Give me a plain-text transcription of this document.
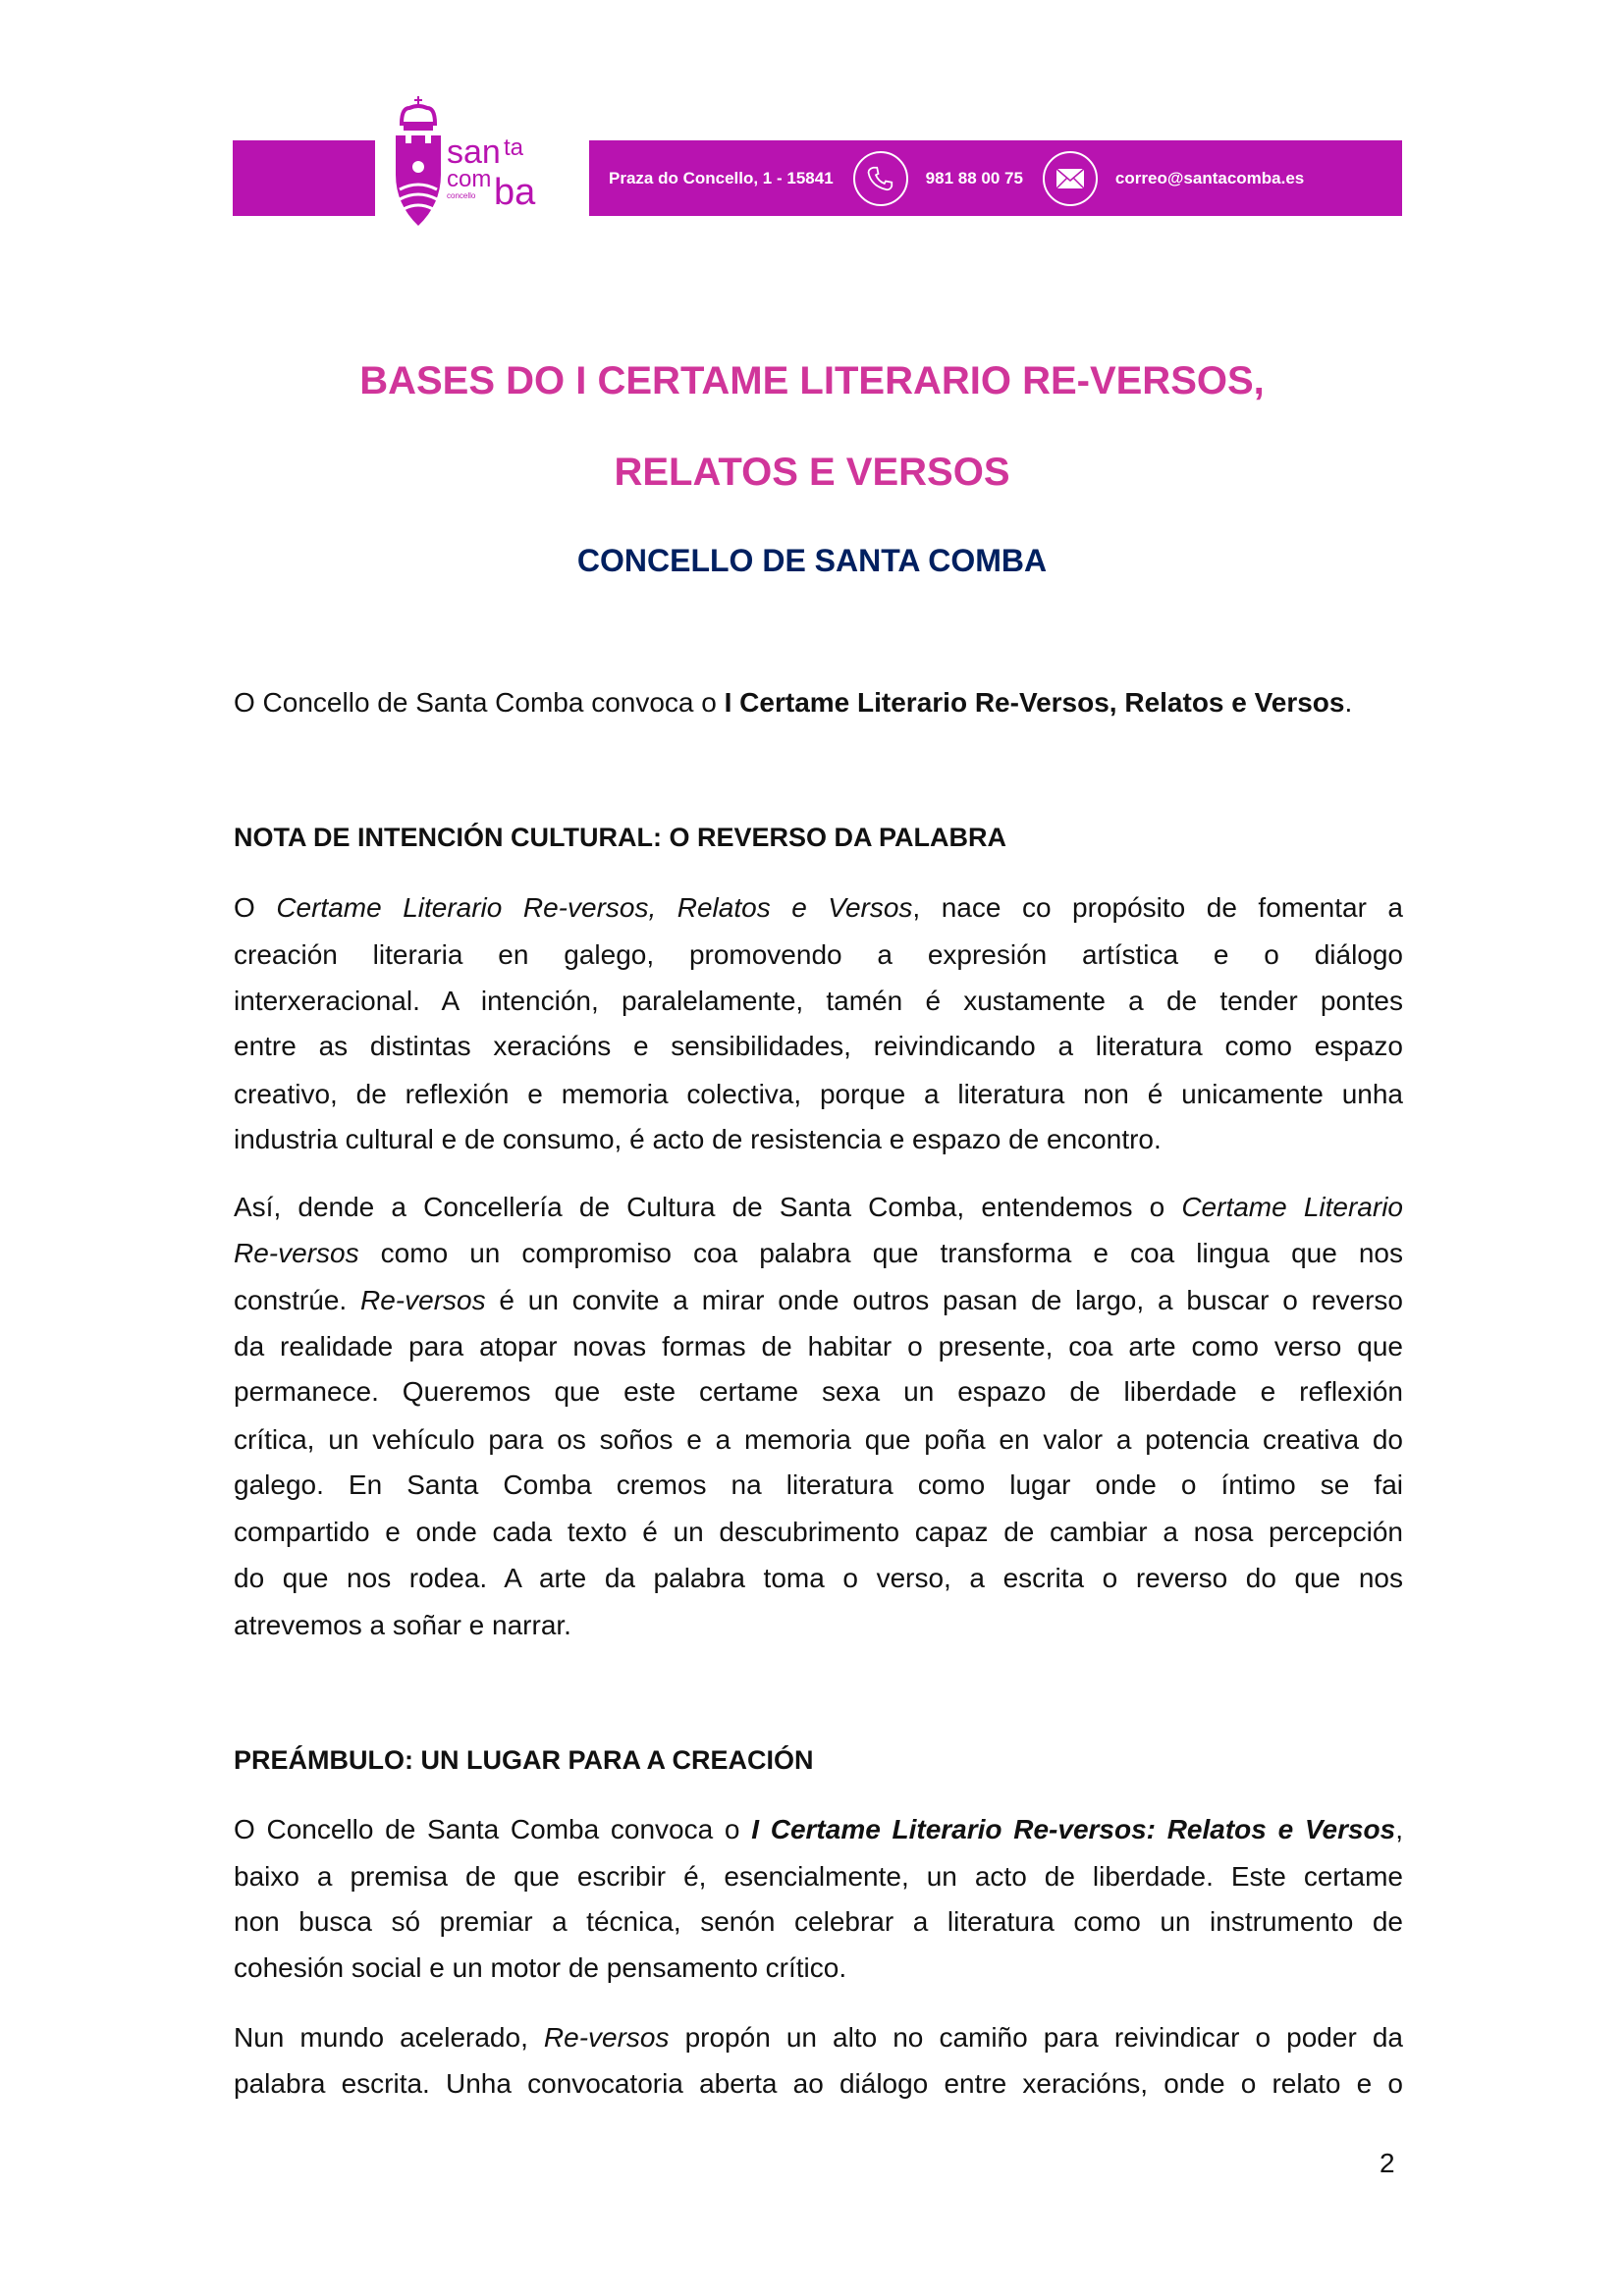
san ta
com ba
concello
Praza do Concello, 1 - 15841	981 88 00 75	correo@santacomba.es
BASES DO I CERTAME LITERARIO RE-VERSOS,
RELATOS E VERSOS
CONCELLO DE SANTA COMBA
O Concello de Santa Comba convoca o I Certame Literario Re-Versos, Relatos e Versos.
NOTA DE INTENCIÓN CULTURAL: O REVERSO DA PALABRA
O Certame Literario Re-versos, Relatos e Versos, nace co propósito de fomentar a
creación literaria en galego, promovendo a expresión artística e o diálogo
interxeracional. A intención, paralelamente, tamén é xustamente a de tender pontes
entre as distintas xeracións e sensibilidades, reivindicando a literatura como espazo
creativo, de reflexión e memoria colectiva, porque a literatura non é unicamente unha
industria cultural e de consumo, é acto de resistencia e espazo de encontro.
Así, dende a Concellería de Cultura de Santa Comba, entendemos o Certame Literario
Re-versos como un compromiso coa palabra que transforma e coa lingua que nos
constrúe. Re-versos é un convite a mirar onde outros pasan de largo, a buscar o reverso
da realidade para atopar novas formas de habitar o presente, coa arte como verso que
permanece. Queremos que este certame sexa un espazo de liberdade e reflexión
crítica, un vehículo para os soños e a memoria que poña en valor a potencia creativa do
galego. En Santa Comba cremos na literatura como lugar onde o íntimo se fai
compartido e onde cada texto é un descubrimento capaz de cambiar a nosa percepción
do que nos rodea. A arte da palabra toma o verso, a escrita o reverso do que nos
atrevemos a soñar e narrar.
PREÁMBULO: UN LUGAR PARA A CREACIÓN
O Concello de Santa Comba convoca o I Certame Literario Re-versos: Relatos e Versos,
baixo a premisa de que escribir é, esencialmente, un acto de liberdade. Este certame
non busca só premiar a técnica, senón celebrar a literatura como un instrumento de
cohesión social e un motor de pensamento crítico.
Nun mundo acelerado, Re-versos propón un alto no camiño para reivindicar o poder da
palabra escrita. Unha convocatoria aberta ao diálogo entre xeracións, onde o relato e o
2
